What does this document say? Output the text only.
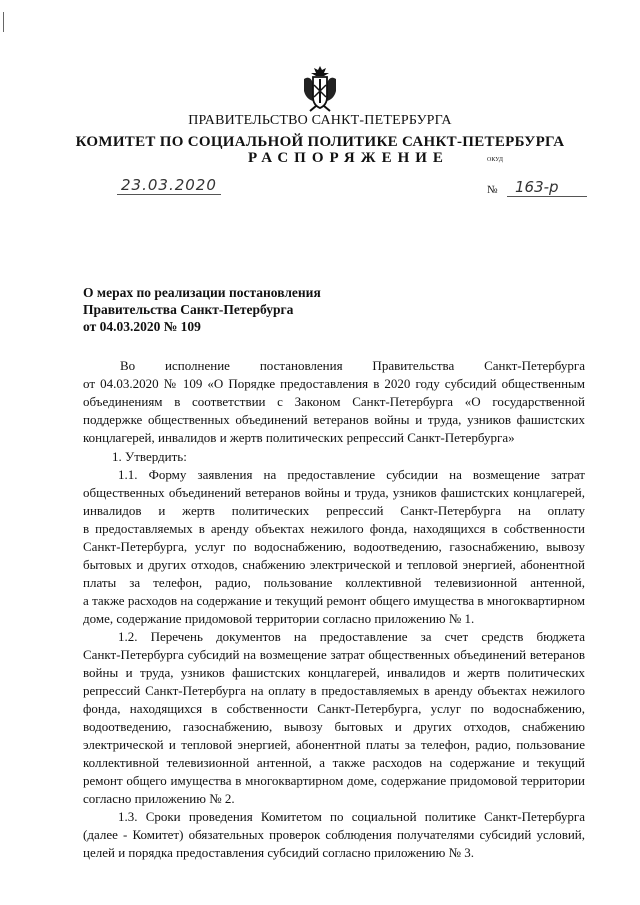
ПРАВИТЕЛЬСТВО САНКТ-ПЕТЕРБУРГА
КОМИТЕТ ПО СОЦИАЛЬНОЙ ПОЛИТИКЕ САНКТ-ПЕТЕРБУРГА
РАСПОРЯЖЕНИЕ	ОКУД
23.03.2020	№	163-р
О мерах по реализации постановления
Правительства Санкт-Петербурга
от 04.03.2020 № 109
Во исполнение постановления Правительства Санкт-Петербурга
от 04.03.2020 № 109 «О Порядке предоставления в 2020 году субсидий общественным
объединениям в соответствии с Законом Санкт-Петербурга «О государственной
поддержке общественных объединений ветеранов войны и труда, узников фашистских
концлагерей, инвалидов и жертв политических репрессий Санкт-Петербурга»
1. Утвердить:
1.1. Форму заявления на предоставление субсидии на возмещение затрат
общественных объединений ветеранов войны и труда, узников фашистских концлагерей,
инвалидов и жертв политических репрессий Санкт-Петербурга на оплату
в предоставляемых в аренду объектах нежилого фонда, находящихся в собственности
Санкт-Петербурга, услуг по водоснабжению, водоотведению, газоснабжению, вывозу
бытовых и других отходов, снабжению электрической и тепловой энергией, абонентной
платы за телефон, радио, пользование коллективной телевизионной антенной,
а также расходов на содержание и текущий ремонт общего имущества в многоквартирном
доме, содержание придомовой территории согласно приложению № 1.
1.2. Перечень документов на предоставление за счет средств бюджета
Санкт-Петербурга субсидий на возмещение затрат общественных объединений ветеранов
войны и труда, узников фашистских концлагерей, инвалидов и жертв политических
репрессий Санкт-Петербурга на оплату в предоставляемых в аренду объектах нежилого
фонда, находящихся в собственности Санкт-Петербурга, услуг по водоснабжению,
водоотведению, газоснабжению, вывозу бытовых и других отходов, снабжению
электрической и тепловой энергией, абонентной платы за телефон, радио, пользование
коллективной телевизионной антенной, а также расходов на содержание и текущий
ремонт общего имущества в многоквартирном доме, содержание придомовой территории
согласно приложению № 2.
1.3. Сроки проведения Комитетом по социальной политике Санкт-Петербурга
(далее - Комитет) обязательных проверок соблюдения получателями субсидий условий,
целей и порядка предоставления субсидий согласно приложению № 3.
